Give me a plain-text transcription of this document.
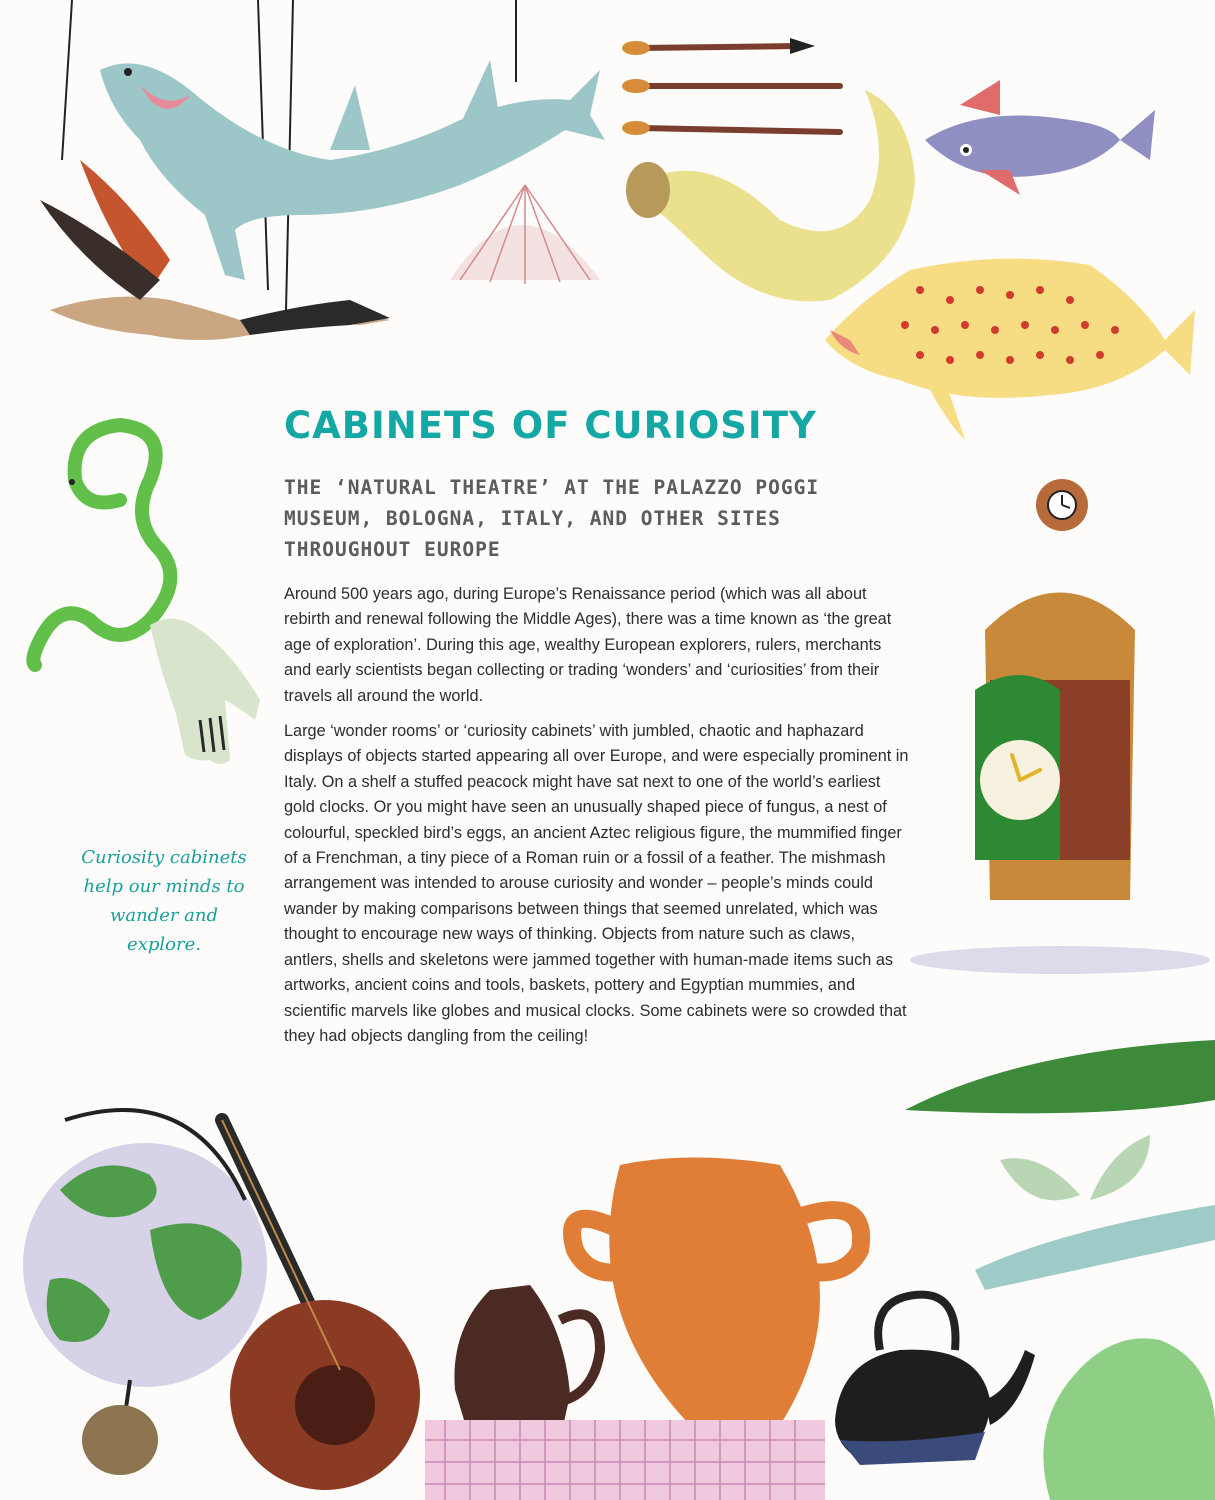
CABINETS OF CURIOSITY
THE ‘NATURAL THEATRE’ AT THE PALAZZO POGGI MUSEUM, BOLOGNA, ITALY, AND OTHER SITES THROUGHOUT EUROPE

Around 500 years ago, during Europe’s Renaissance period (which was all about rebirth and renewal following the Middle Ages), there was a time known as ‘the great age of exploration’. During this age, wealthy European explorers, rulers, merchants and early scientists began collecting or trading ‘wonders’ and ‘curiosities’ from their travels all around the world.

Large ‘wonder rooms’ or ‘curiosity cabinets’ with jumbled, chaotic and haphazard displays of objects started appearing all over Europe, and were especially prominent in Italy. On a shelf a stuffed peacock might have sat next to one of the world’s earliest gold clocks. Or you might have seen an unusually shaped piece of fungus, a nest of colourful, speckled bird’s eggs, an ancient Aztec religious figure, the mummified finger of a Frenchman, a tiny piece of a Roman ruin or a fossil of a feather. The mishmash arrangement was intended to arouse curiosity and wonder – people’s minds could wander by making comparisons between things that seemed unrelated, which was thought to encourage new ways of thinking. Objects from nature such as claws, antlers, shells and skeletons were jammed together with human-made items such as artworks, ancient coins and tools, baskets, pottery and Egyptian mummies, and scientific marvels like globes and musical clocks. Some cabinets were so crowded that they had objects dangling from the ceiling!

Curiosity cabinets help our minds to wander and explore.
